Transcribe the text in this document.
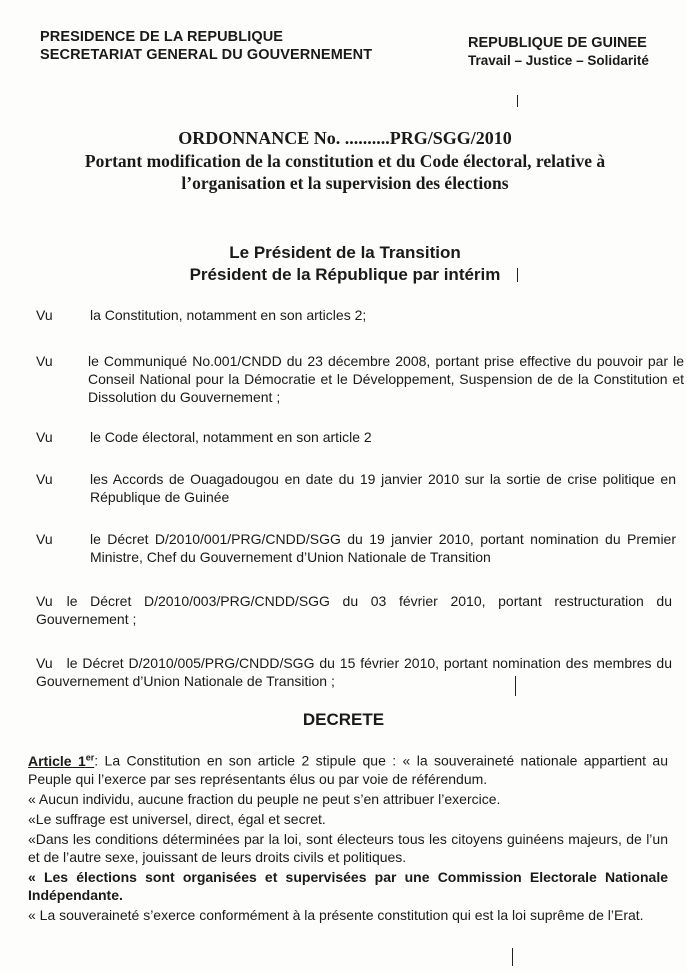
PRESIDENCE DE LA REPUBLIQUE
SECRETARIAT GENERAL DU GOUVERNEMENT
REPUBLIQUE DE GUINEE
Travail – Justice – Solidarité
ORDONNANCE No. ..........PRG/SGG/2010
Portant modification de la constitution et du Code électoral, relative à
l’organisation et la supervision des élections
Le Président de la Transition
Président de la République par intérim
Vu	la Constitution, notamment en son articles 2;
Vu	le Communiqué No.001/CNDD du 23 décembre 2008, portant prise effective du pouvoir par le Conseil National pour la Démocratie et le Développement, Suspension de de la Constitution et Dissolution du Gouvernement ;
Vu	le Code électoral, notamment en son article 2
Vu	les Accords de Ouagadougou en date du 19 janvier 2010 sur la sortie de crise politique en République de Guinée
Vu	le Décret D/2010/001/PRG/CNDD/SGG du 19 janvier 2010, portant nomination du Premier Ministre, Chef du Gouvernement d’Union Nationale de Transition
Vu le Décret D/2010/003/PRG/CNDD/SGG du 03 février 2010, portant restructuration du Gouvernement ;
Vu le Décret D/2010/005/PRG/CNDD/SGG du 15 février 2010, portant nomination des membres du Gouvernement d’Union Nationale de Transition ;
DECRETE

Article 1er: La Constitution en son article 2 stipule que : « la souveraineté nationale appartient au Peuple qui l’exerce par ses représentants élus ou par voie de référendum.

« Aucun individu, aucune fraction du peuple ne peut s’en attribuer l’exercice.

«Le suffrage est universel, direct, égal et secret.

«Dans les conditions déterminées par la loi, sont électeurs tous les citoyens guinéens majeurs, de l’un et de l’autre sexe, jouissant de leurs droits civils et politiques.

« Les élections sont organisées et supervisées par une Commission Electorale Nationale Indépendante.

« La souveraineté s’exerce conformément à la présente constitution qui est la loi suprême de l’Erat.
